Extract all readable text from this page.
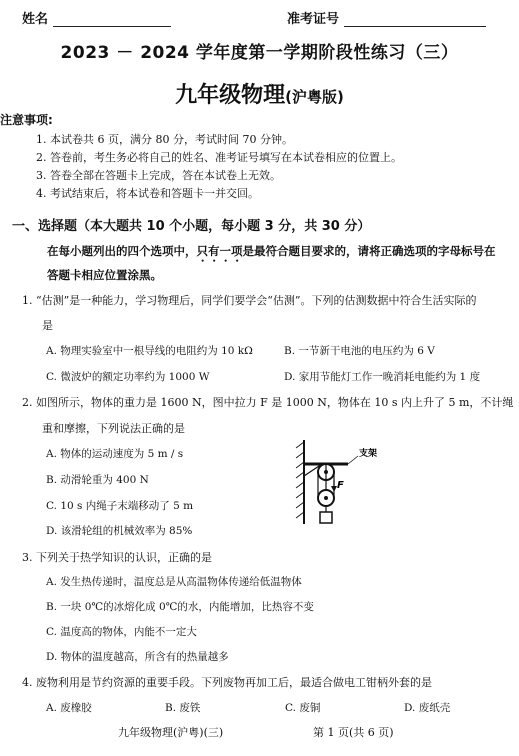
姓名	准考证号
2023 － 2024 学年度第一学期阶段性练习（三）
九年级物理(沪粤版)
注意事项:
1. 本试卷共 6 页，满分 80 分，考试时间 70 分钟。
2. 答卷前，考生务必将自己的姓名、准考证号填写在本试卷相应的位置上。
3. 答卷全部在答题卡上完成，答在本试卷上无效。
4. 考试结束后，将本试卷和答题卡一并交回。
一、选择题（本大题共 10 个小题，每小题 3 分，共 30 分）
在每小题列出的四个选项中，只有一项是最符合题目要求的，请将正确选项的字母标号在
答题卡相应位置涂黑。
1. “估测”是一种能力，学习物理后，同学们要学会“估测”。下列的估测数据中符合生活实际的
是
A. 物理实验室中一根导线的电阻约为 10 kΩ	B. 一节新干电池的电压约为 6 V
C. 微波炉的额定功率约为 1000 W	D. 家用节能灯工作一晚消耗电能约为 1 度
2. 如图所示，物体的重力是 1600 N，图中拉力 F 是 1000 N，物体在 10 s 内上升了 5 m，不计绳
重和摩擦，下列说法正确的是
A. 物体的运动速度为 5 m / s
B. 动滑轮重为 400 N
C. 10 s 内绳子末端移动了 5 m
D. 该滑轮组的机械效率为 85%
支架
F
3. 下列关于热学知识的认识，正确的是
A. 发生热传递时，温度总是从高温物体传递给低温物体
B. 一块 0℃的冰熔化成 0℃的水，内能增加，比热容不变
C. 温度高的物体，内能不一定大
D. 物体的温度越高，所含有的热量越多
4. 废物利用是节约资源的重要手段。下列废物再加工后，最适合做电工钳柄外套的是
A. 废橡胶	B. 废铁	C. 废铜	D. 废纸壳
九年级物理(沪粤)(三)	第 1 页(共 6 页)
